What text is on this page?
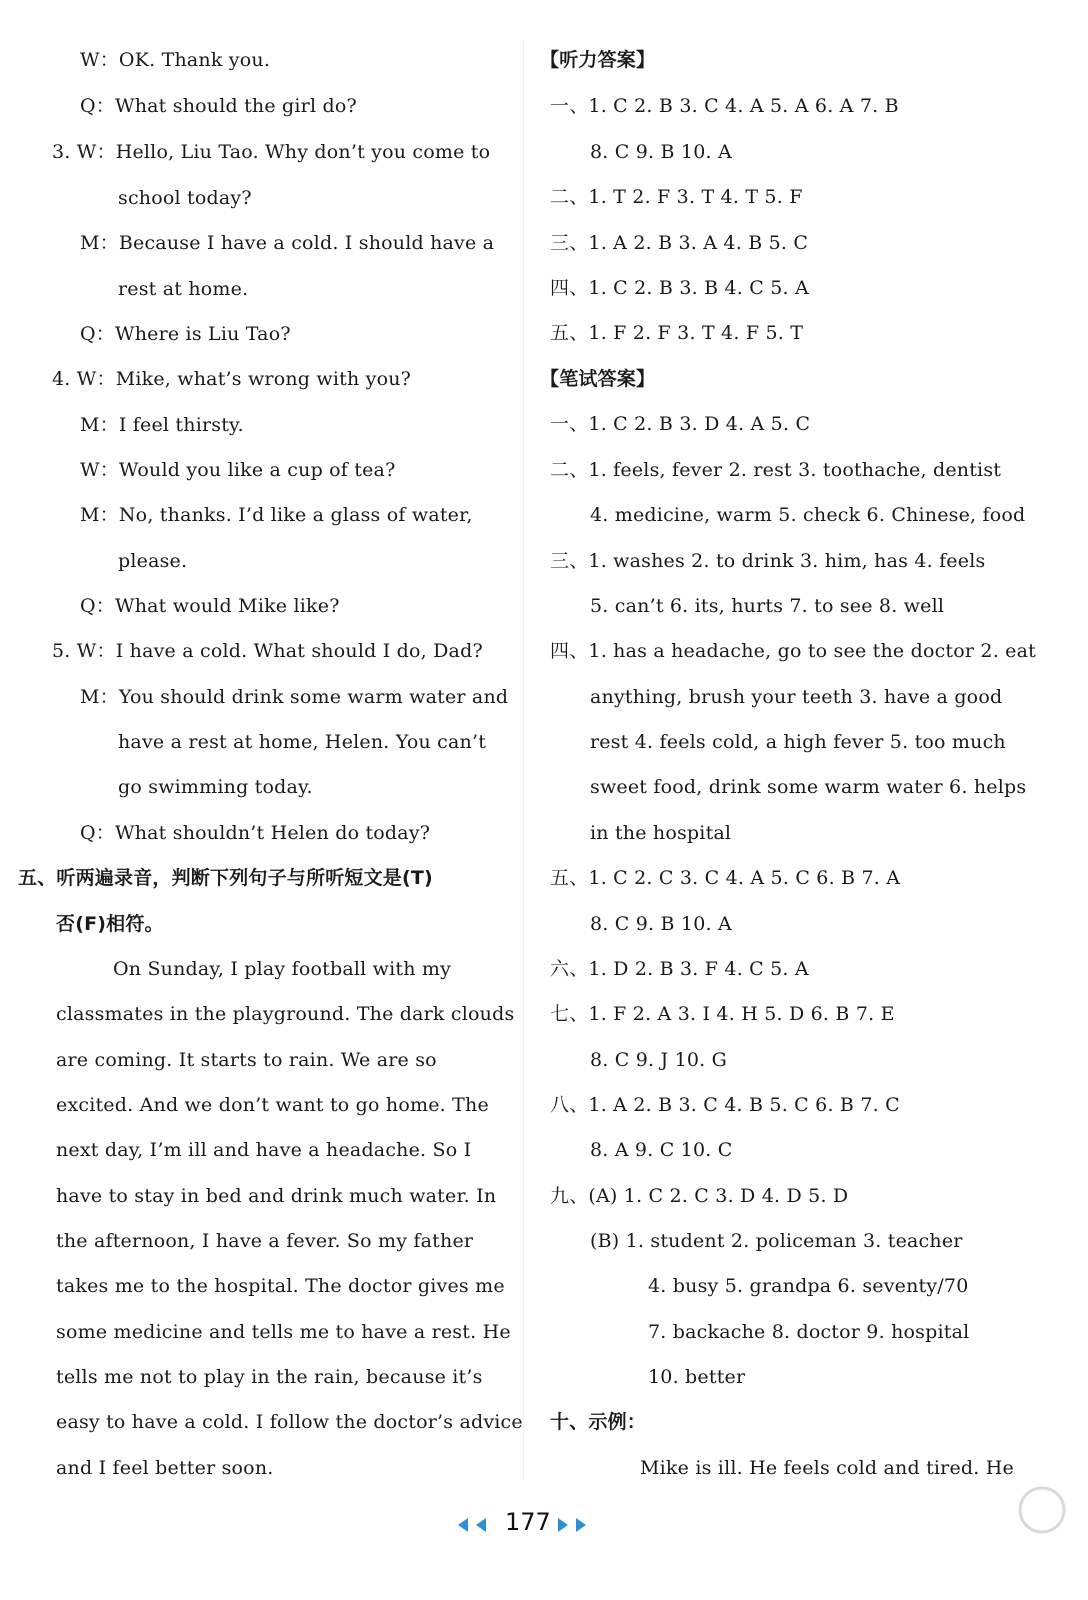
W：OK. Thank you.
Q：What should the girl do?
3. W：Hello, Liu Tao. Why don’t you come to
school today?
M：Because I have a cold. I should have a
rest at home.
Q：Where is Liu Tao?
4. W：Mike, what’s wrong with you?
M：I feel thirsty.
W：Would you like a cup of tea?
M：No, thanks. I’d like a glass of water,
please.
Q：What would Mike like?
5. W：I have a cold. What should I do, Dad?
M：You should drink some warm water and
have a rest at home, Helen. You can’t
go swimming today.
Q：What shouldn’t Helen do today?
五、听两遍录音，判断下列句子与所听短文是(T)
否(F)相符。
On Sunday, I play football with my
classmates in the playground. The dark clouds
are coming. It starts to rain. We are so
excited. And we don’t want to go home. The
next day, I’m ill and have a headache. So I
have to stay in bed and drink much water. In
the afternoon, I have a fever. So my father
takes me to the hospital. The doctor gives me
some medicine and tells me to have a rest. He
tells me not to play in the rain, because it’s
easy to have a cold. I follow the doctor’s advice
and I feel better soon.
【听力答案】
一、1. C 2. B 3. C 4. A 5. A 6. A 7. B
8. C 9. B 10. A
二、1. T 2. F 3. T 4. T 5. F
三、1. A 2. B 3. A 4. B 5. C
四、1. C 2. B 3. B 4. C 5. A
五、1. F 2. F 3. T 4. F 5. T
【笔试答案】
一、1. C 2. B 3. D 4. A 5. C
二、1. feels, fever 2. rest 3. toothache, dentist
4. medicine, warm 5. check 6. Chinese, food
三、1. washes 2. to drink 3. him, has 4. feels
5. can’t 6. its, hurts 7. to see 8. well
四、1. has a headache, go to see the doctor 2. eat
anything, brush your teeth 3. have a good
rest 4. feels cold, a high fever 5. too much
sweet food, drink some warm water 6. helps
in the hospital
五、1. C 2. C 3. C 4. A 5. C 6. B 7. A
8. C 9. B 10. A
六、1. D 2. B 3. F 4. C 5. A
七、1. F 2. A 3. I 4. H 5. D 6. B 7. E
8. C 9. J 10. G
八、1. A 2. B 3. C 4. B 5. C 6. B 7. C
8. A 9. C 10. C
九、(A) 1. C 2. C 3. D 4. D 5. D
(B) 1. student 2. policeman 3. teacher
4. busy 5. grandpa 6. seventy/70
7. backache 8. doctor 9. hospital
10. better
十、示例：
Mike is ill. He feels cold and tired. He
177
